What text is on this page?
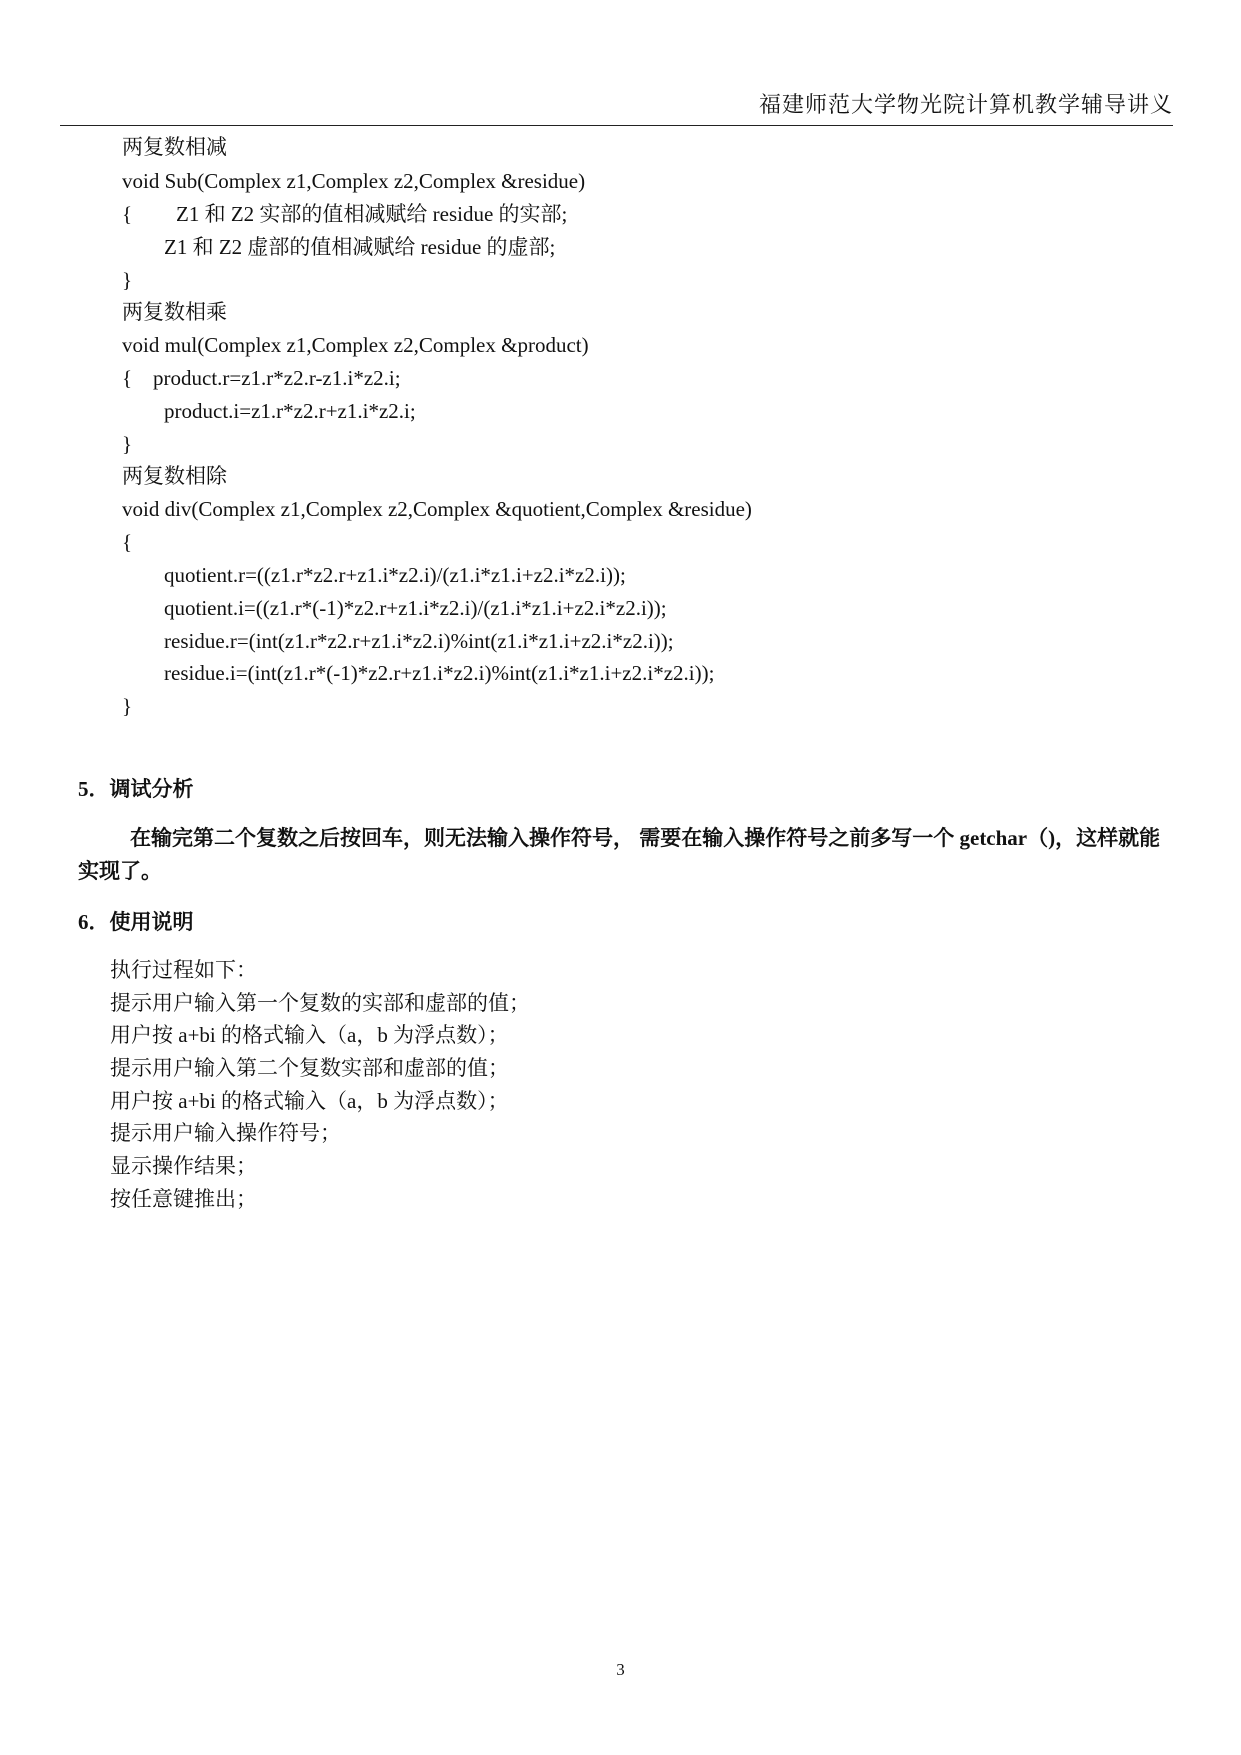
福建师范大学物光院计算机教学辅导讲义
两复数相减
void Sub(Complex z1,Complex z2,Complex &residue)
{ Z1 和 Z2 实部的值相减赋给 residue 的实部;
Z1 和 Z2 虚部的值相减赋给 residue 的虚部;
}
两复数相乘
void mul(Complex z1,Complex z2,Complex &product)
{ product.r=z1.r*z2.r-z1.i*z2.i;
product.i=z1.r*z2.r+z1.i*z2.i;
}
两复数相除
void div(Complex z1,Complex z2,Complex &quotient,Complex &residue)
{
quotient.r=((z1.r*z2.r+z1.i*z2.i)/(z1.i*z1.i+z2.i*z2.i));
quotient.i=((z1.r*(-1)*z2.r+z1.i*z2.i)/(z1.i*z1.i+z2.i*z2.i));
residue.r=(int(z1.r*z2.r+z1.i*z2.i)%int(z1.i*z1.i+z2.i*z2.i));
residue.i=(int(z1.r*(-1)*z2.r+z1.i*z2.i)%int(z1.i*z1.i+z2.i*z2.i));
}
5．调试分析
在输完第二个复数之后按回车，则无法输入操作符号， 需要在输入操作符号之前多写一个 getchar（)，这样就能实现了。
6．使用说明
执行过程如下：
提示用户输入第一个复数的实部和虚部的值；
用户按 a+bi 的格式输入（a，b 为浮点数）；
提示用户输入第二个复数实部和虚部的值；
用户按 a+bi 的格式输入（a，b 为浮点数）；
提示用户输入操作符号；
显示操作结果；
按任意键推出；
3
